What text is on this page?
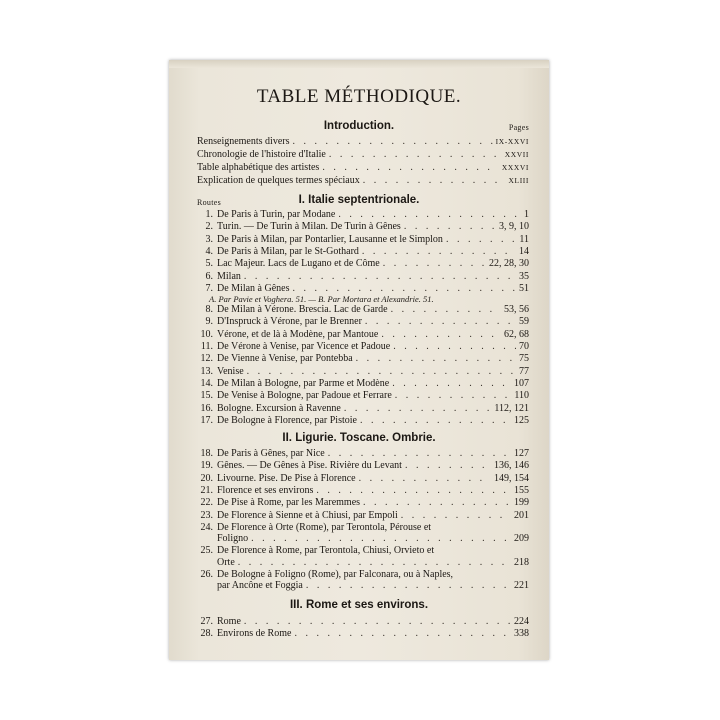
TABLE MÉTHODIQUE.
Introduction.	Pages
Renseignements divers . . .	IX-XXVI
Chronologie de l'histoire d'Italie . . .	XXVII
Table alphabétique des artistes . . .	XXXVI
Explication de quelques termes spéciaux . . .	XLIII
Routes	I. Italie septentrionale.
II. Ligurie. Toscane. Ombrie.
III. Rome et ses environs.
1. De Paris à Turin, par Modane . . .	1
2. Turin. — De Turin à Milan. De Turin à Gênes . . .	3, 9, 10
3. De Paris à Milan, par Pontarlier, Lausanne et le Simplon . . .	11
4. De Paris à Milan, par le St-Gothard . . .	14
5. Lac Majeur. Lacs de Lugano et de Côme . . .	22, 28, 30
6. Milan . . .	35
7. De Milan à Gênes . . .	51
A. Par Pavie et Voghera. 51. — B. Par Mortara et Alexandrie. 51.
8. De Milan à Vérone. Brescia. Lac de Garde . . .	53, 56
9. D'Inspruck à Vérone, par le Brenner . . .	59
10. Vérone, et de là à Modène, par Mantoue . . .	62, 68
11. De Vérone à Venise, par Vicence et Padoue . . .	70
12. De Vienne à Venise, par Pontebba . . .	75
13. Venise . . .	77
14. De Milan à Bologne, par Parme et Modène . . .	107
15. De Venise à Bologne, par Padoue et Ferrare . . .	110
16. Bologne. Excursion à Ravenne . . .	112, 121
17. De Bologne à Florence, par Pistoie . . .	125
18. De Paris à Gênes, par Nice . . .	127
19. Gênes. — De Gênes à Pise. Rivière du Levant . . .	136, 146
20. Livourne. Pise. De Pise à Florence . . .	149, 154
21. Florence et ses environs . . .	155
22. De Pise à Rome, par les Maremmes . . .	199
23. De Florence à Sienne et à Chiusi, par Empoli . . .	201
24. De Florence à Orte (Rome), par Terontola, Pérouse et
Foligno . . .	209
25. De Florence à Rome, par Terontola, Chiusi, Orvieto et
Orte . . .	218
26. De Bologne à Foligno (Rome), par Falconara, ou à Naples,
par Ancône et Foggia . . .	221
27. Rome . . .	224
28. Environs de Rome . . .	338
